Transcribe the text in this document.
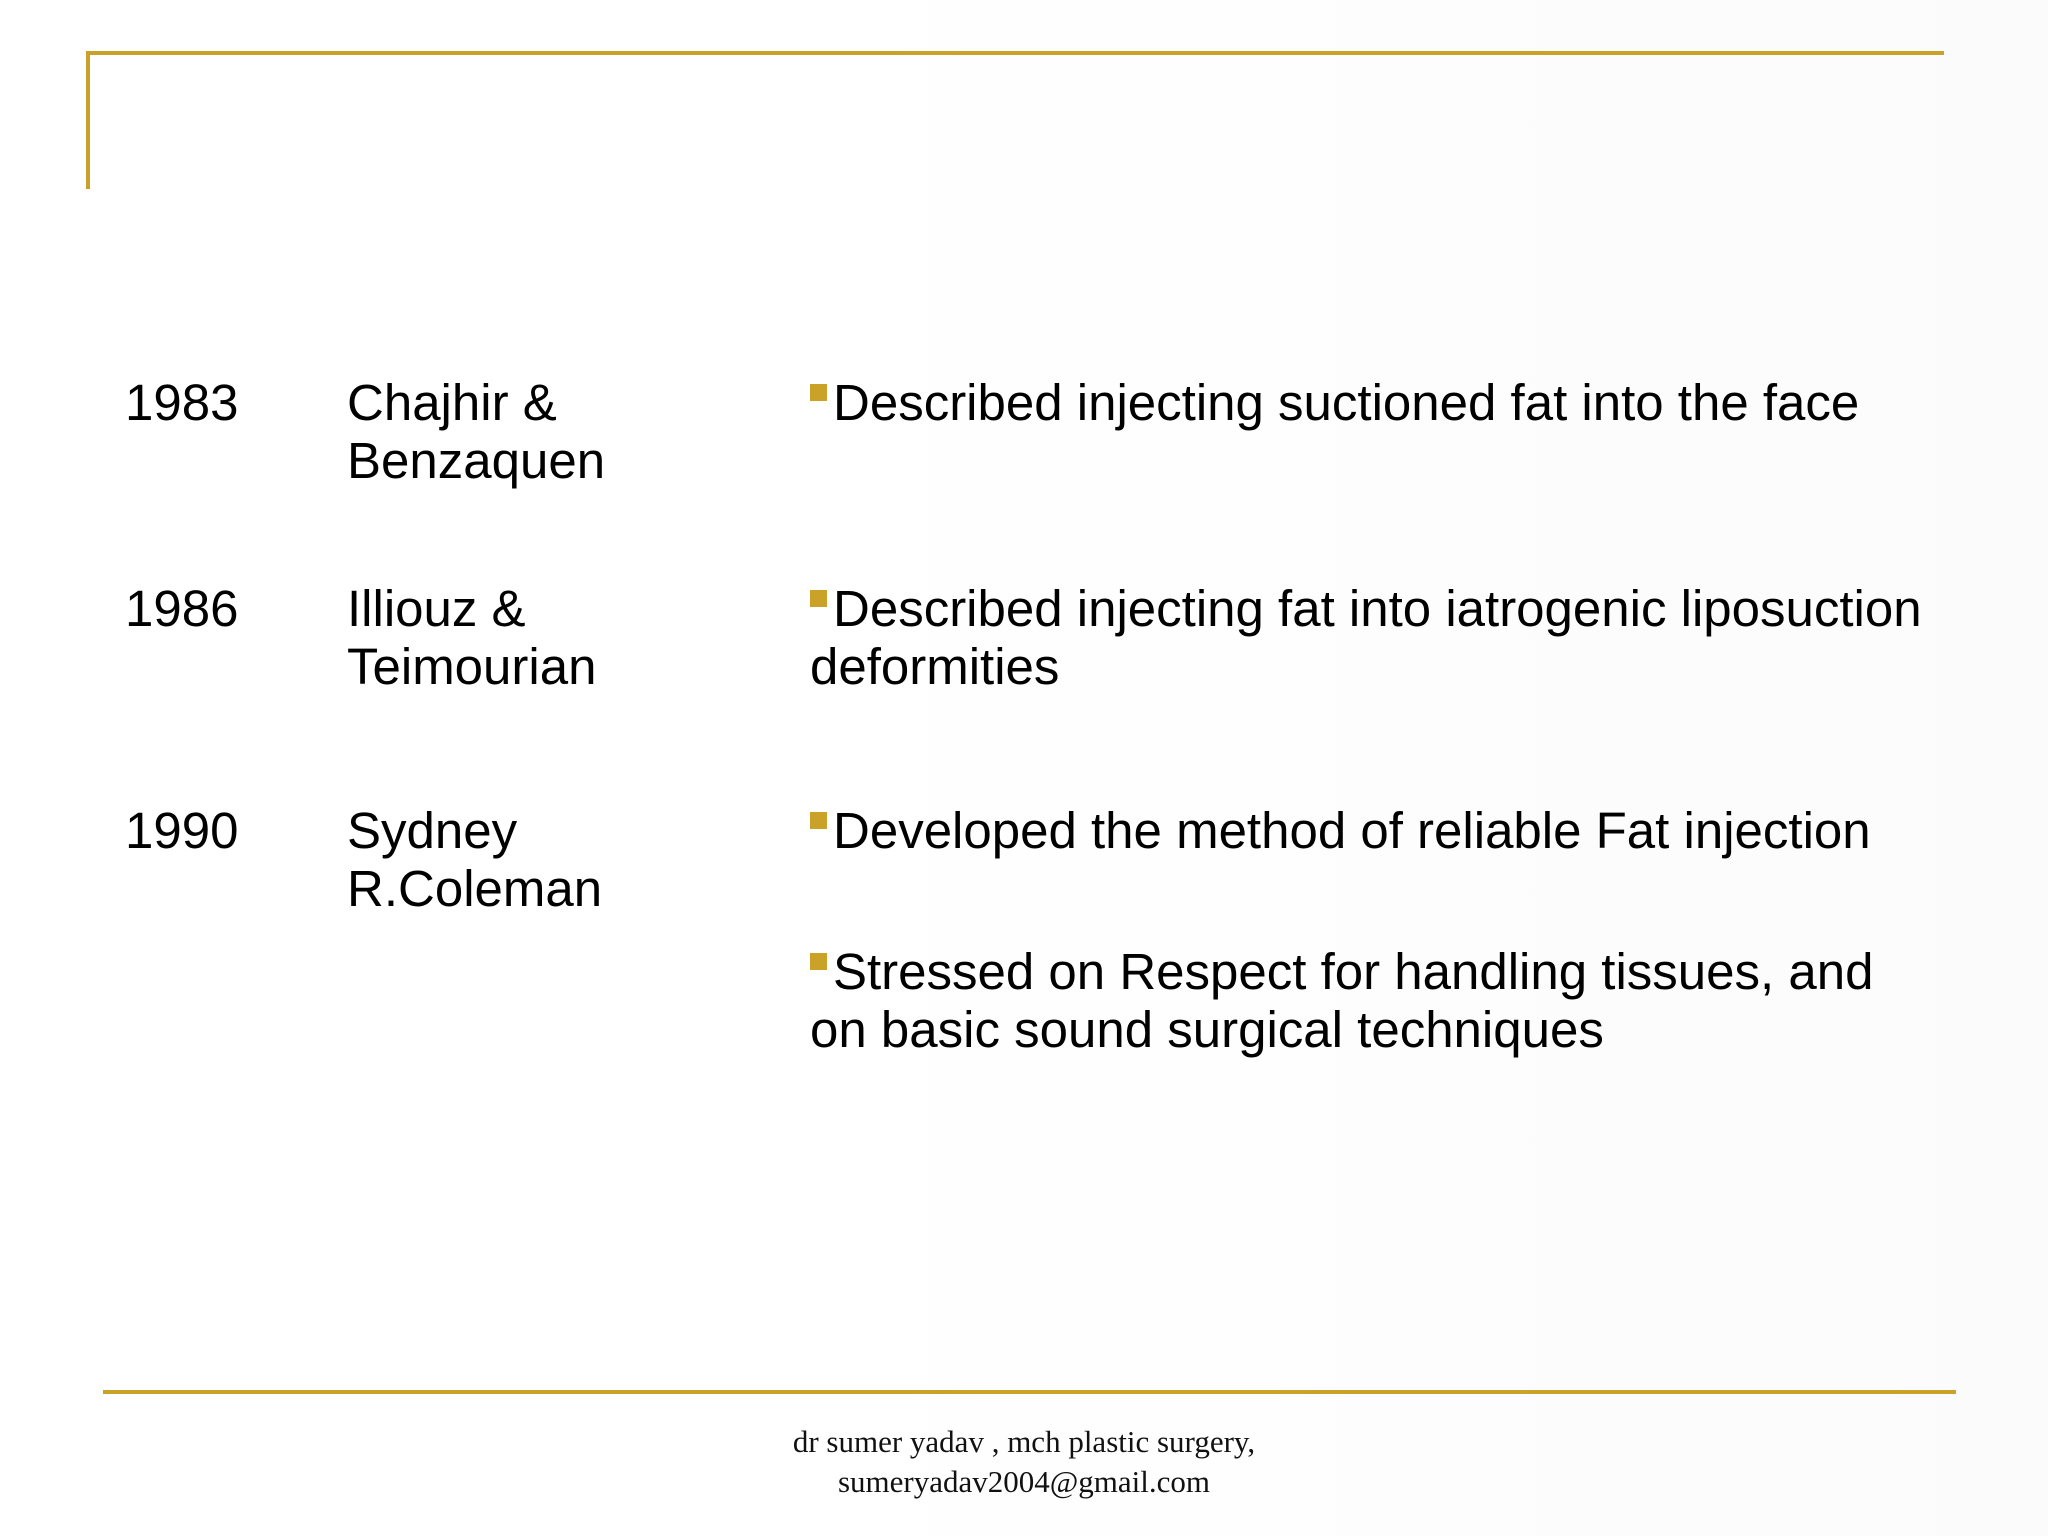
1983 Chajhir &
Benzaquen
Described injecting suctioned fat into the face
1986 Illiouz &
Teimourian
Described injecting fat into iatrogenic liposuction
deformities
1990 Sydney
R.Coleman
Developed the method of reliable Fat injection
Stressed on Respect for handling tissues, and
on basic sound surgical techniques
dr sumer yadav , mch plastic surgery,
sumeryadav2004@gmail.com
